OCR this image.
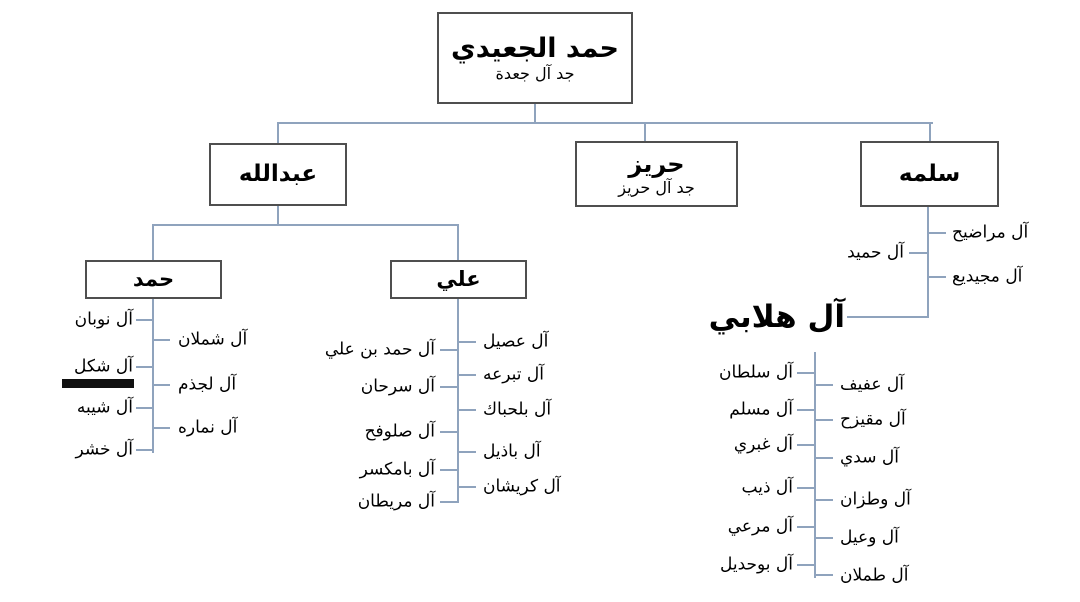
حمد الجعيدي
جد آل جعدة
عبدالله	حريز
جد آل حريز
سلمه
حمد	علي
آل نوبان
آل شكل
آل شيبه
آل خشر
آل شملان
آل لجذم
آل نماره
آل حمد بن علي
آل سرحان
آل صلوفح
آل بامكسر
آل مريطان
آل عصيل
آل تبرعه
آل بلحباك
آل باذيل
آل كريشان
آل حميد
آل مراضيح
آل مجيديع
آل هلابي
آل سلطان
آل مسلم
آل غبري
آل ذيب
آل مرعي
آل بوحديل
آل عفيف
آل مقيزح
آل سدي
آل وطزان
آل وعيل
آل طملان
